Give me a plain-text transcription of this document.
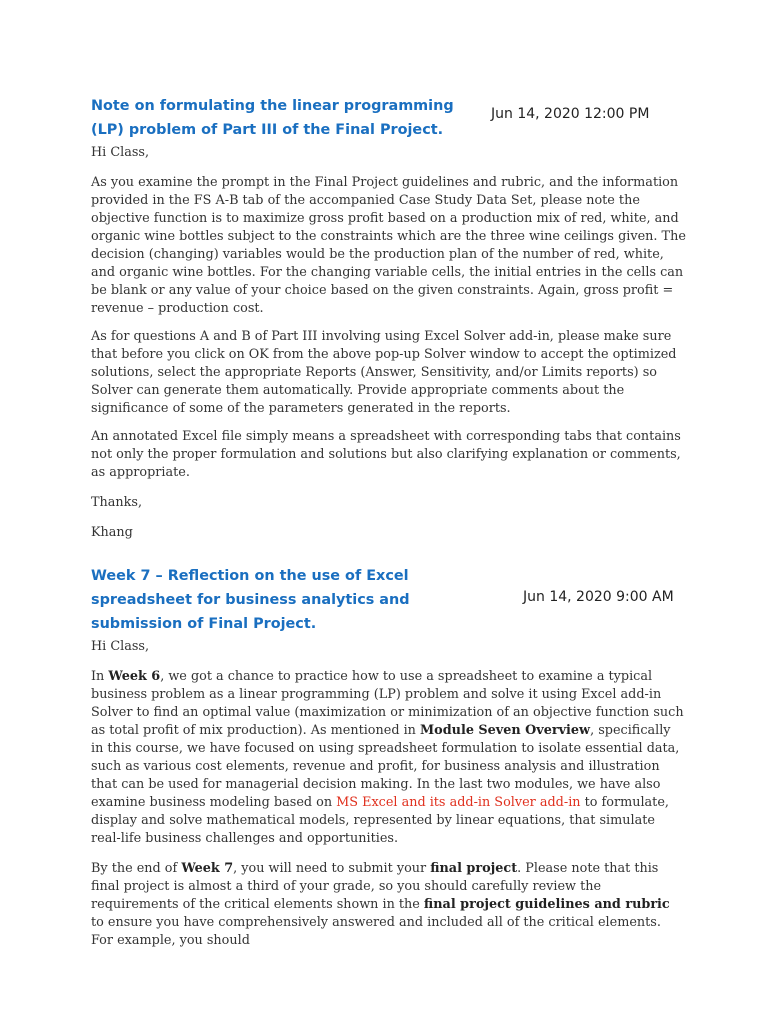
Note on formulating the linear programming (LP) problem of Part III of the Final Project.
Jun 14, 2020 12:00 PM

Hi Class,

As you examine the prompt in the Final Project guidelines and rubric, and the information provided in the FS A-B tab of the accompanied Case Study Data Set, please note the objective function is to maximize gross profit based on a production mix of red, white, and organic wine bottles subject to the constraints which are the three wine ceilings given. The decision (changing) variables would be the production plan of the number of red, white, and organic wine bottles. For the changing variable cells, the initial entries in the cells can be blank or any value of your choice based on the given constraints. Again, gross profit = revenue – production cost.

As for questions A and B of Part III involving using Excel Solver add-in, please make sure that before you click on OK from the above pop-up Solver window to accept the optimized solutions, select the appropriate Reports (Answer, Sensitivity, and/or Limits reports) so Solver can generate them automatically. Provide appropriate comments about the significance of some of the parameters generated in the reports.

An annotated Excel file simply means a spreadsheet with corresponding tabs that contains not only the proper formulation and solutions but also clarifying explanation or comments, as appropriate.

Thanks,

Khang

Week 7 – Reflection on the use of Excel spreadsheet for business analytics and submission of Final Project.
Jun 14, 2020 9:00 AM

Hi Class,

In Week 6, we got a chance to practice how to use a spreadsheet to examine a typical business problem as a linear programming (LP) problem and solve it using Excel add-in Solver to find an optimal value (maximization or minimization of an objective function such as total profit of mix production). As mentioned in Module Seven Overview, specifically in this course, we have focused on using spreadsheet formulation to isolate essential data, such as various cost elements, revenue and profit, for business analysis and illustration that can be used for managerial decision making. In the last two modules, we have also examine business modeling based on MS Excel and its add-in Solver add-in to formulate, display and solve mathematical models, represented by linear equations, that simulate real-life business challenges and opportunities.

By the end of Week 7, you will need to submit your final project. Please note that this final project is almost a third of your grade, so you should carefully review the requirements of the critical elements shown in the final project guidelines and rubric to ensure you have comprehensively answered and included all of the critical elements. For example, you should
